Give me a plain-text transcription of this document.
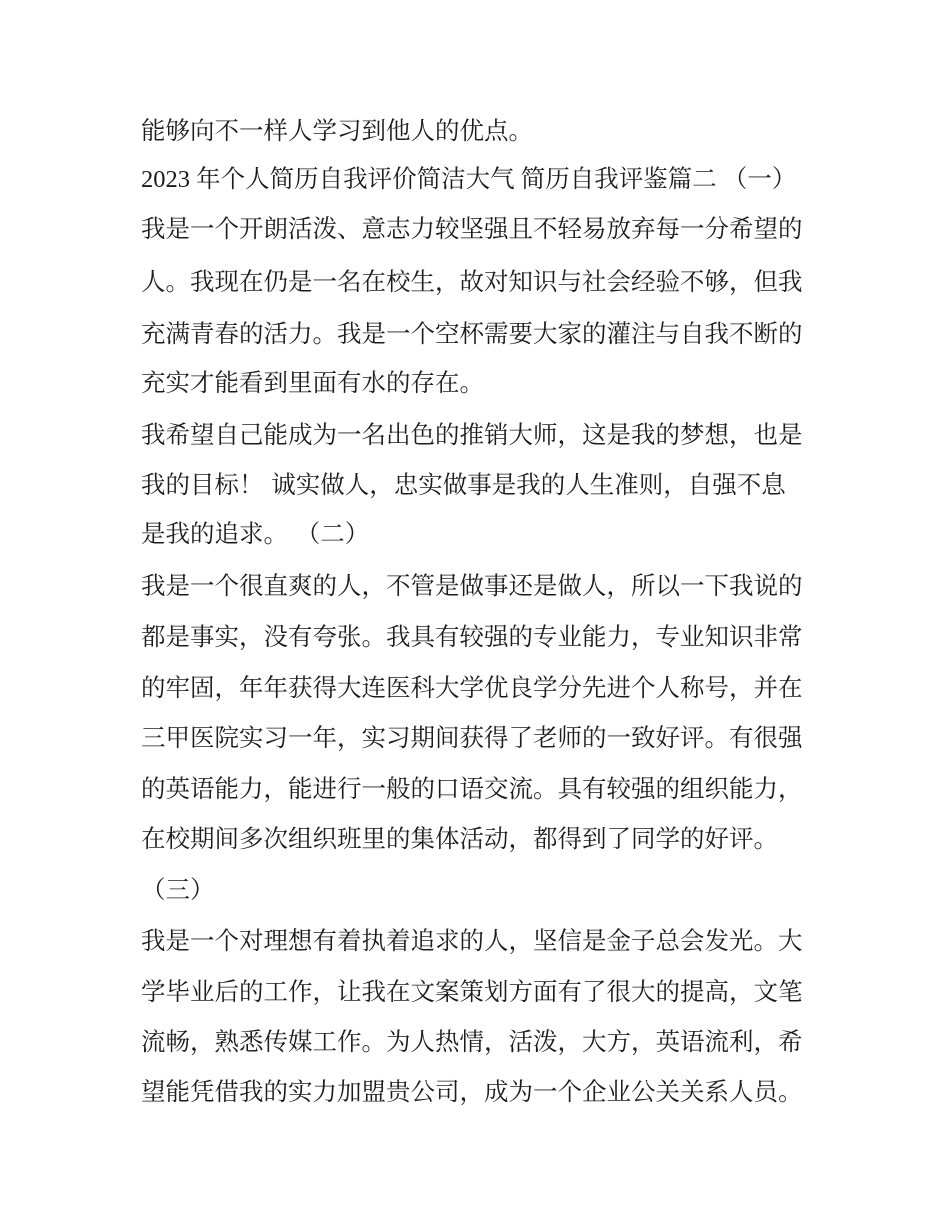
能够向不一样人学习到他人的优点。

2023 年个人简历自我评价简洁大气 简历自我评鉴篇二 （一）

我是一个开朗活泼、意志力较坚强且不轻易放弃每一分希望的

人。我现在仍是一名在校生，故对知识与社会经验不够，但我

充满青春的活力。我是一个空杯需要大家的灌注与自我不断的

充实才能看到里面有水的存在。

我希望自己能成为一名出色的推销大师，这是我的梦想，也是

我的目标！ 诚实做人，忠实做事是我的人生准则，自强不息

是我的追求。 （二）

我是一个很直爽的人，不管是做事还是做人，所以一下我说的

都是事实，没有夸张。我具有较强的专业能力，专业知识非常

的牢固，年年获得大连医科大学优良学分先进个人称号，并在

三甲医院实习一年，实习期间获得了老师的一致好评。有很强

的英语能力，能进行一般的口语交流。具有较强的组织能力，

在校期间多次组织班里的集体活动，都得到了同学的好评。

（三）

我是一个对理想有着执着追求的人，坚信是金子总会发光。大

学毕业后的工作，让我在文案策划方面有了很大的提高，文笔

流畅，熟悉传媒工作。为人热情，活泼，大方，英语流利，希

望能凭借我的实力加盟贵公司，成为一个企业公关关系人员。
